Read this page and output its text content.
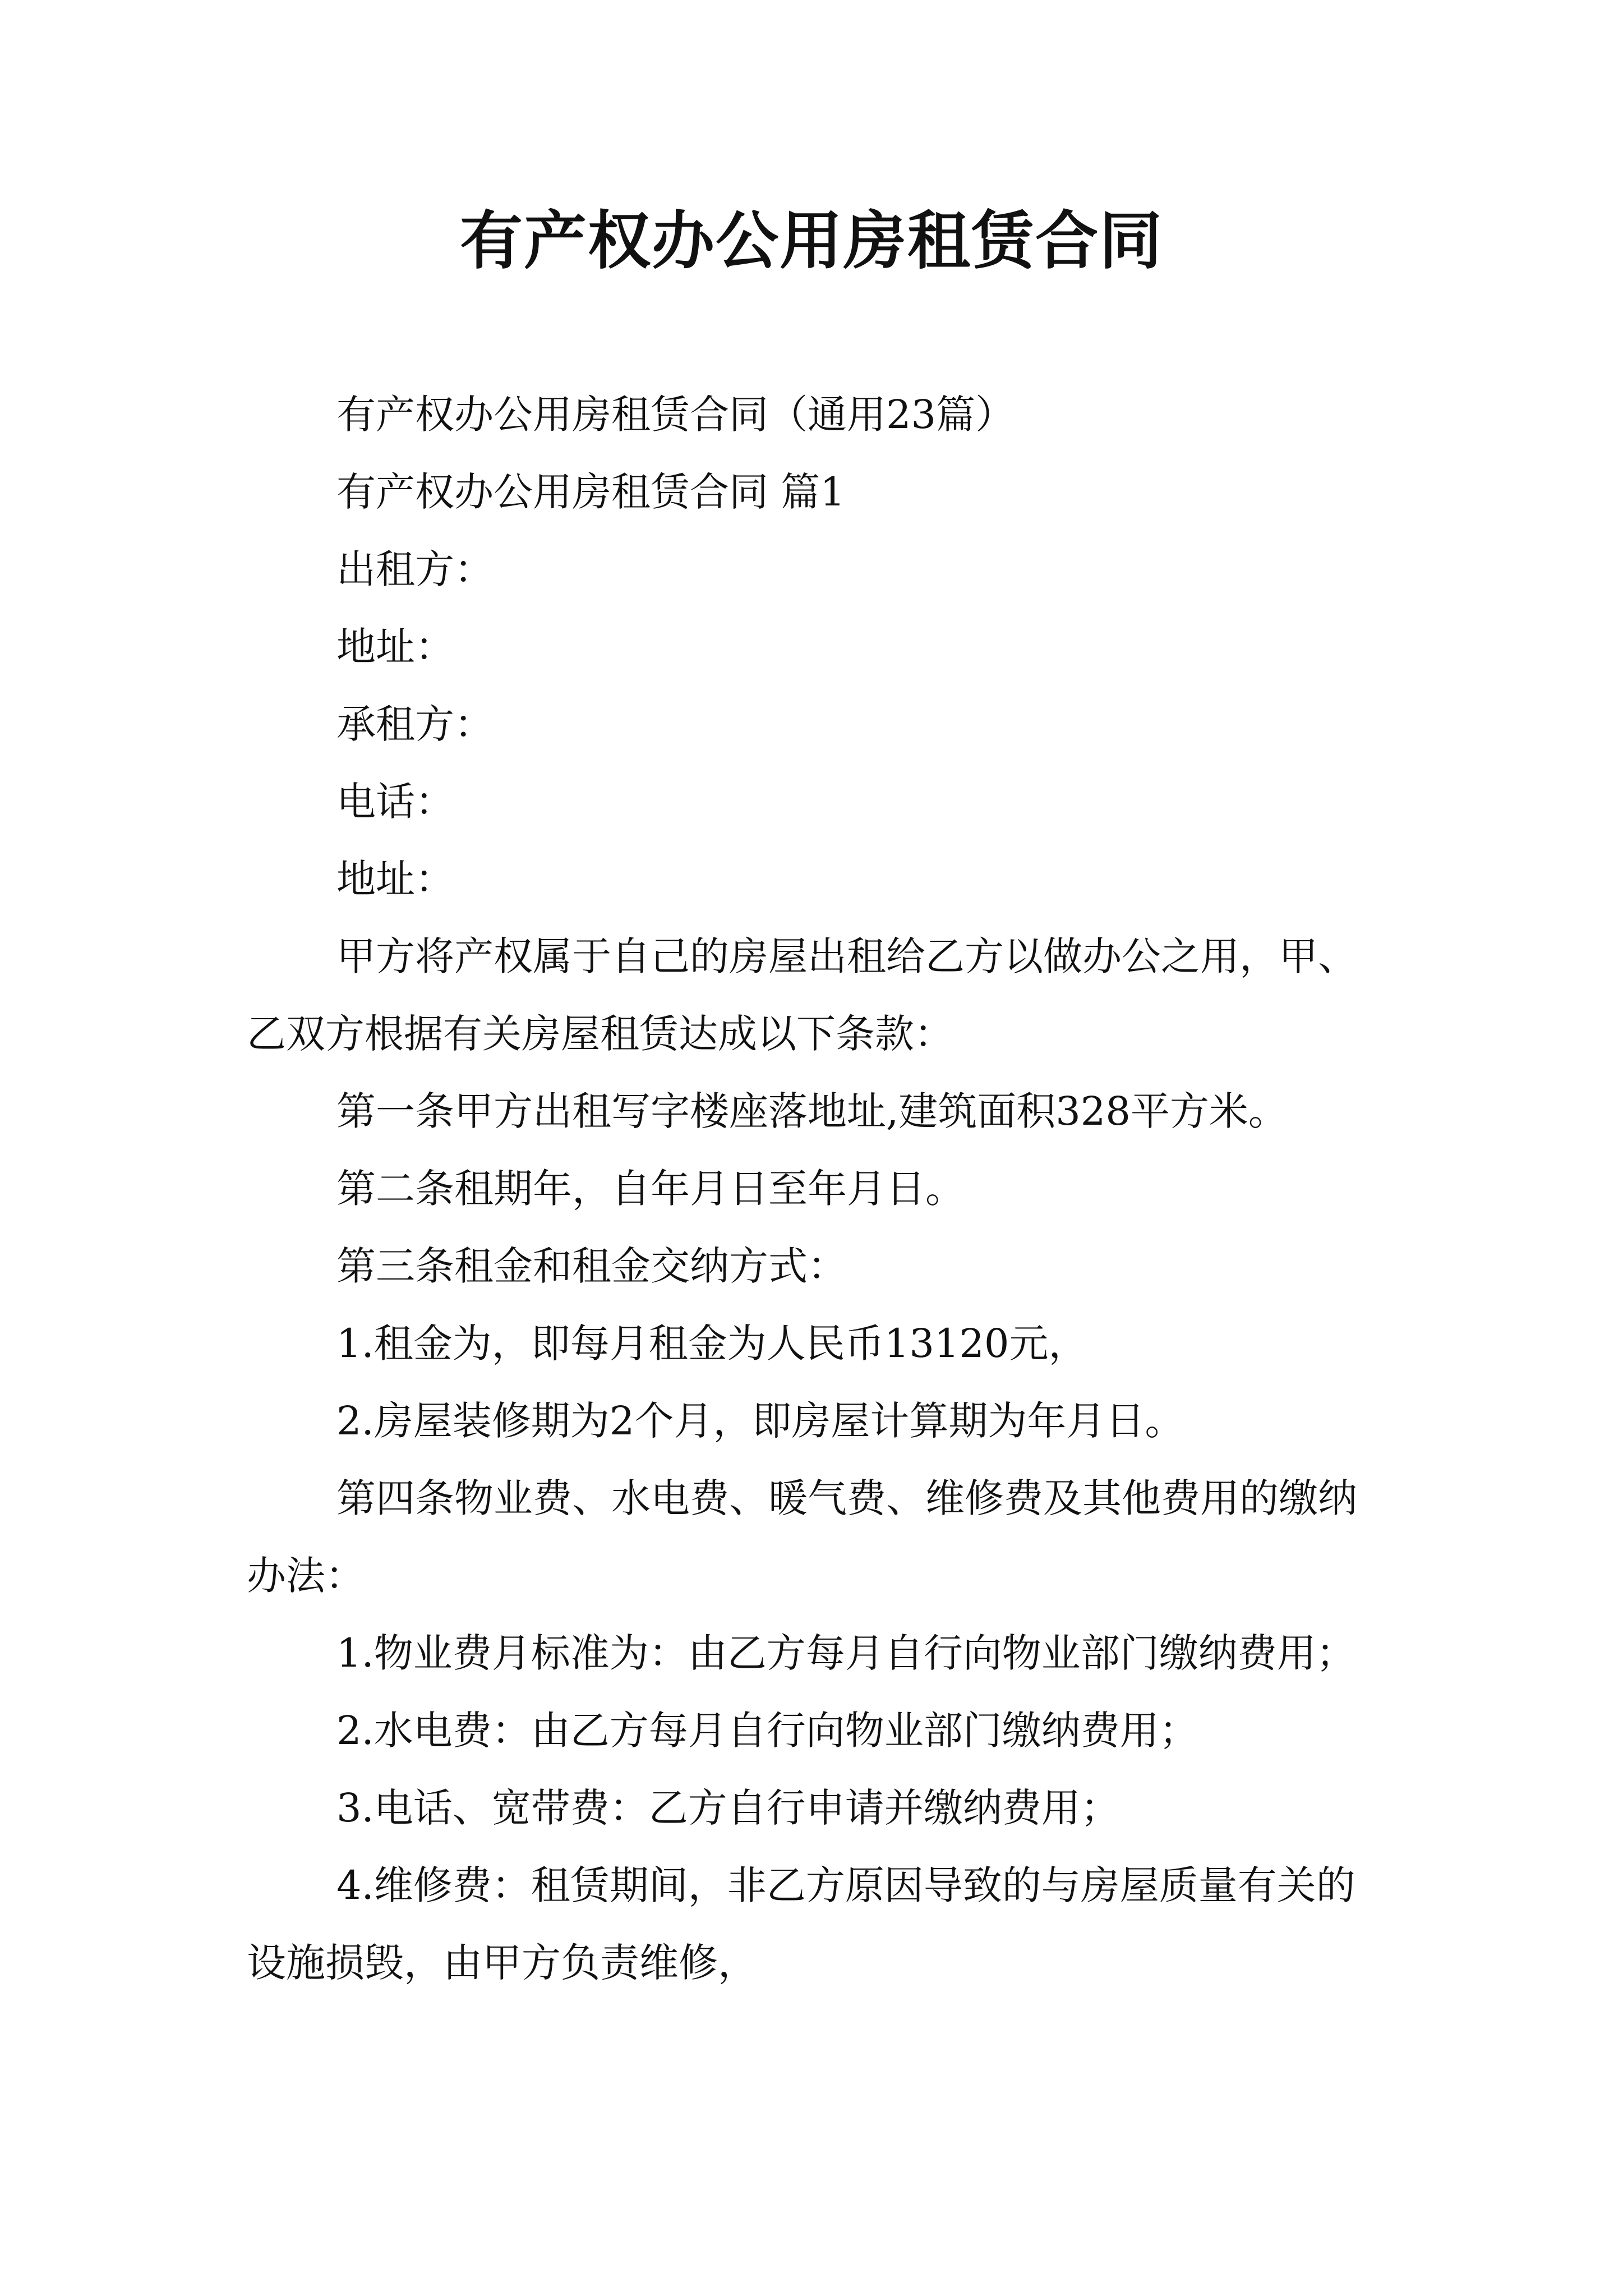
有产权办公用房租赁合同

有产权办公用房租赁合同（通用23篇）

有产权办公用房租赁合同 篇1

出租方：

地址：

承租方：

电话：

地址：

甲方将产权属于自己的房屋出租给乙方以做办公之用，甲、乙双方根据有关房屋租赁达成以下条款：

第一条甲方出租写字楼座落地址,建筑面积328平方米。

第二条租期年，自年月日至年月日。

第三条租金和租金交纳方式：

1.租金为，即每月租金为人民币13120元，

2.房屋装修期为2个月，即房屋计算期为年月日。

第四条物业费、水电费、暖气费、维修费及其他费用的缴纳办法：

1.物业费月标准为：由乙方每月自行向物业部门缴纳费用；

2.水电费：由乙方每月自行向物业部门缴纳费用；

3.电话、宽带费：乙方自行申请并缴纳费用；

4.维修费：租赁期间，非乙方原因导致的与房屋质量有关的设施损毁，由甲方负责维修，
